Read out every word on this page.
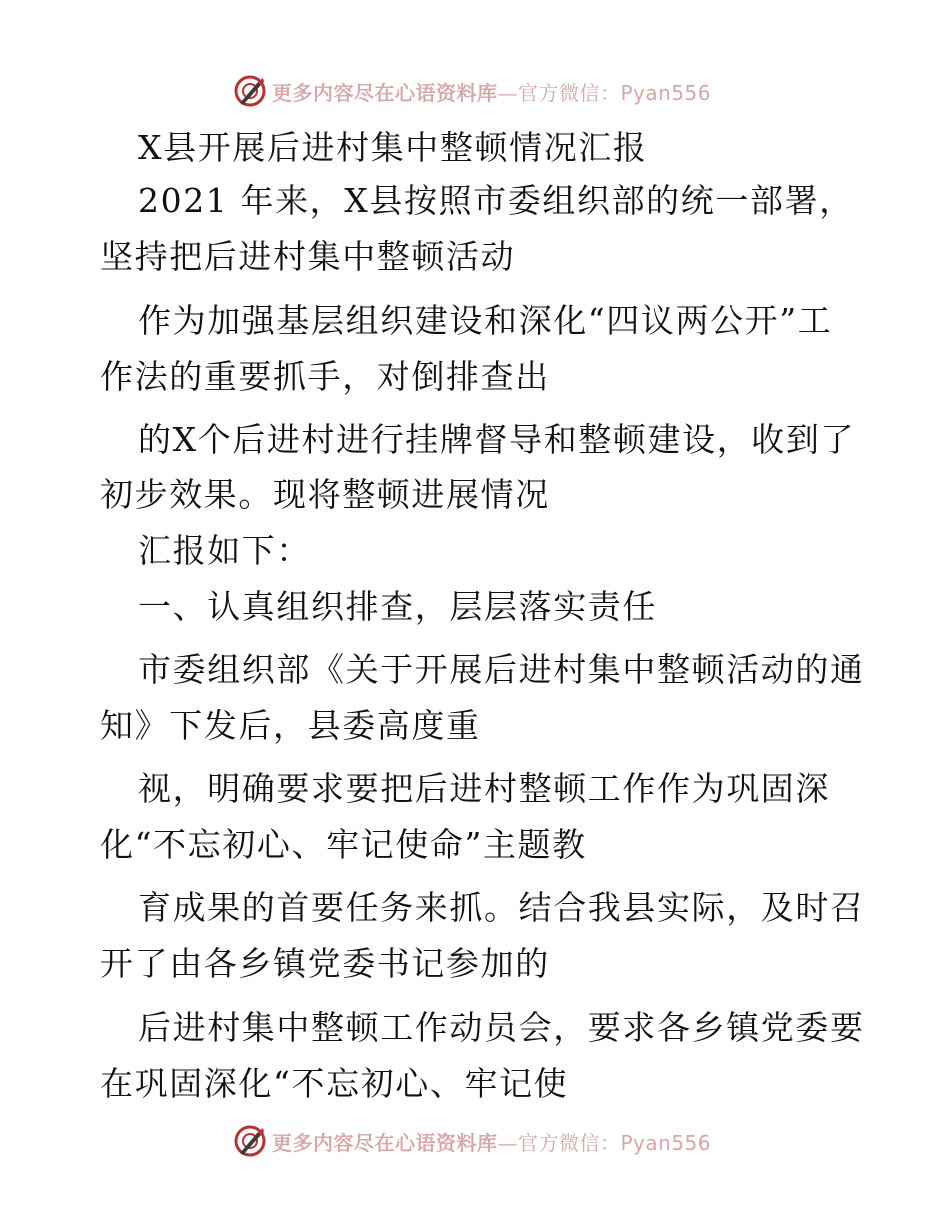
更多内容尽在心语资料库—官方微信：Pyan556
X县开展后进村集中整顿情况汇报
2021 年来，X县按照市委组织部的统一部署，
坚持把后进村集中整顿活动
作为加强基层组织建设和深化“四议两公开”工
作法的重要抓手，对倒排查出
的X个后进村进行挂牌督导和整顿建设，收到了
初步效果。现将整顿进展情况
汇报如下：
一、认真组织排查，层层落实责任
市委组织部《关于开展后进村集中整顿活动的通
知》下发后，县委高度重
视，明确要求要把后进村整顿工作作为巩固深
化“不忘初心、牢记使命”主题教
育成果的首要任务来抓。结合我县实际，及时召
开了由各乡镇党委书记参加的
后进村集中整顿工作动员会，要求各乡镇党委要
在巩固深化“不忘初心、牢记使
更多内容尽在心语资料库—官方微信：Pyan556
